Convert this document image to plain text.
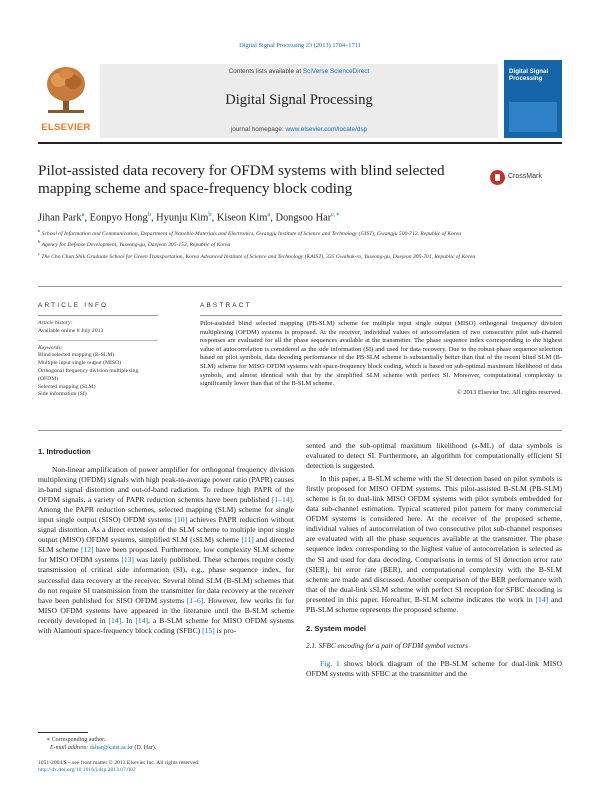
Digital Signal Processing 23 (2013) 1704–1711
ELSEVIER
Contents lists available at SciVerse ScienceDirect
Digital Signal Processing
journal homepage: www.elsevier.com/locate/dsp
Digital Signal Processing
Pilot-assisted data recovery for OFDM systems with blind selected mapping scheme and space-frequency block coding
CrossMark
Jihan Park$^a$, Eonpyo Hong$^b$, Hyunju Kim$^b$, Kiseon Kim$^a$, Dongsoo Har$^{c,∗}$
$^a$ School of Information and Communication, Department of Nanobio Materials and Electronics, Gwangju Institute of Science and Technology (GIST), Gwangju 500-712, Republic of Korea
$^b$ Agency for Defense Development, Yuseong-gu, Daejeon 305-152, Republic of Korea
$^c$ The Cho Chun Shik Graduate School for Green Transportation, Korea Advanced Institute of Science and Technology (KAIST), 335 Gwahak-ro, Yuseong-gu, Daejeon 305-701, Republic of Korea
ARTICLE INFO
Article history:
Available online 8 July 2013
Keywords:
Blind selected mapping (B-SLM)
Multiple input single output (MISO)
Orthogonal frequency division multiplexing (OFDM)
Selected mapping (SLM)
Side information (SI)
ABSTRACT
Pilot-assisted blind selected mapping (PB-SLM) scheme for multiple input single output (MISO) orthogonal frequency division multiplexing (OFDM) systems is proposed. At the receiver, individual values of autocorrelation of two consecutive pilot sub-channel responses are evaluated for all the phase sequences available at the transmitter. The phase sequence index corresponding to the highest value of autocorrelation is considered as the side information (SI) and used for data recovery. Due to the robust phase sequence selection based on pilot symbols, data decoding performance of the PB-SLM scheme is substantially better than that of the recent blind SLM (B-SLM) scheme for MISO OFDM systems with space-frequency block coding, which is based on sub-optimal maximum likelihood of data symbols, and almost identical with that by the simplified SLM scheme with perfect SI. Moreover, computational complexity is significantly lower than that of the B-SLM scheme.
© 2013 Elsevier Inc. All rights reserved.
1. Introduction
Non-linear amplification of power amplifier for orthogonal frequency division multiplexing (OFDM) signals with high peak-to-average power ratio (PAPR) causes in-band signal distortion and out-of-band radiation. To reduce high PAPR of the OFDM signals, a variety of PAPR reduction schemes have been published [1–14]. Among the PAPR reduction schemes, selected mapping (SLM) scheme for single input single output (SISO) OFDM systems [10] achieves PAPR reduction without signal distortion. As a direct extension of the SLM scheme to multiple input single output (MISO) OFDM systems, simplified SLM (sSLM) scheme [11] and directed SLM scheme [12] have been proposed. Furthermore, low complexity SLM scheme for MISO OFDM systems [13] was lately published. These schemes require costly transmission of critical side information (SI), e.g., phase sequence index, for successful data recovery at the receiver. Several blind SLM (B-SLM) schemes that do not require SI transmission from the transmitter for data recovery at the receiver have been published for SISO OFDM systems [1–6]. However, few works fit for MISO OFDM systems have appeared in the literature until the B-SLM scheme recently developed in [14]. In [14], a B-SLM scheme for MISO OFDM systems with Alamouti space-frequency block coding (SFBC) [15] is pro-

sented and the sub-optimal maximum likelihood (s-ML) of data symbols is evaluated to detect SI. Furthermore, an algorithm for computationally efficient SI detection is suggested.

In this paper, a B-SLM scheme with the SI detection based on pilot symbols is firstly proposed for MISO OFDM systems. This pilot-assisted B-SLM (PB-SLM) scheme is fit to dual-link MISO OFDM systems with pilot symbols embedded for data sub-channel estimation. Typical scattered pilot pattern for many commercial OFDM systems is considered here. At the receiver of the proposed scheme, individual values of autocorrelation of two consecutive pilot sub-channel responses are evaluated with all the phase sequences available at the transmitter. The phase sequence index corresponding to the highest value of autocorrelation is selected as the SI and used for data decoding. Comparisons in terms of SI detection error rate (SIER), bit error rate (BER), and computational complexity with the B-SLM scheme are made and discussed. Another comparison of the BER performance with that of the dual-link sSLM scheme with perfect SI reception for SFBC decoding is presented in this paper. Hereafter, B-SLM scheme indicates the work in [14] and PB-SLM scheme represents the proposed scheme.

2. System model
2.1. SFBC encoding for a pair of OFDM symbol vectors

Fig. 1 shows block diagram of the PB-SLM scheme for dual-link MISO OFDM systems with SFBC at the transmitter and the

∗ Corresponding author.
E-mail address: dshar@kaist.ac.kr (D. Har).
1051-2004/$ – see front matter © 2013 Elsevier Inc. All rights reserved.
http://dx.doi.org/10.1016/j.dsp.2013.07.002
